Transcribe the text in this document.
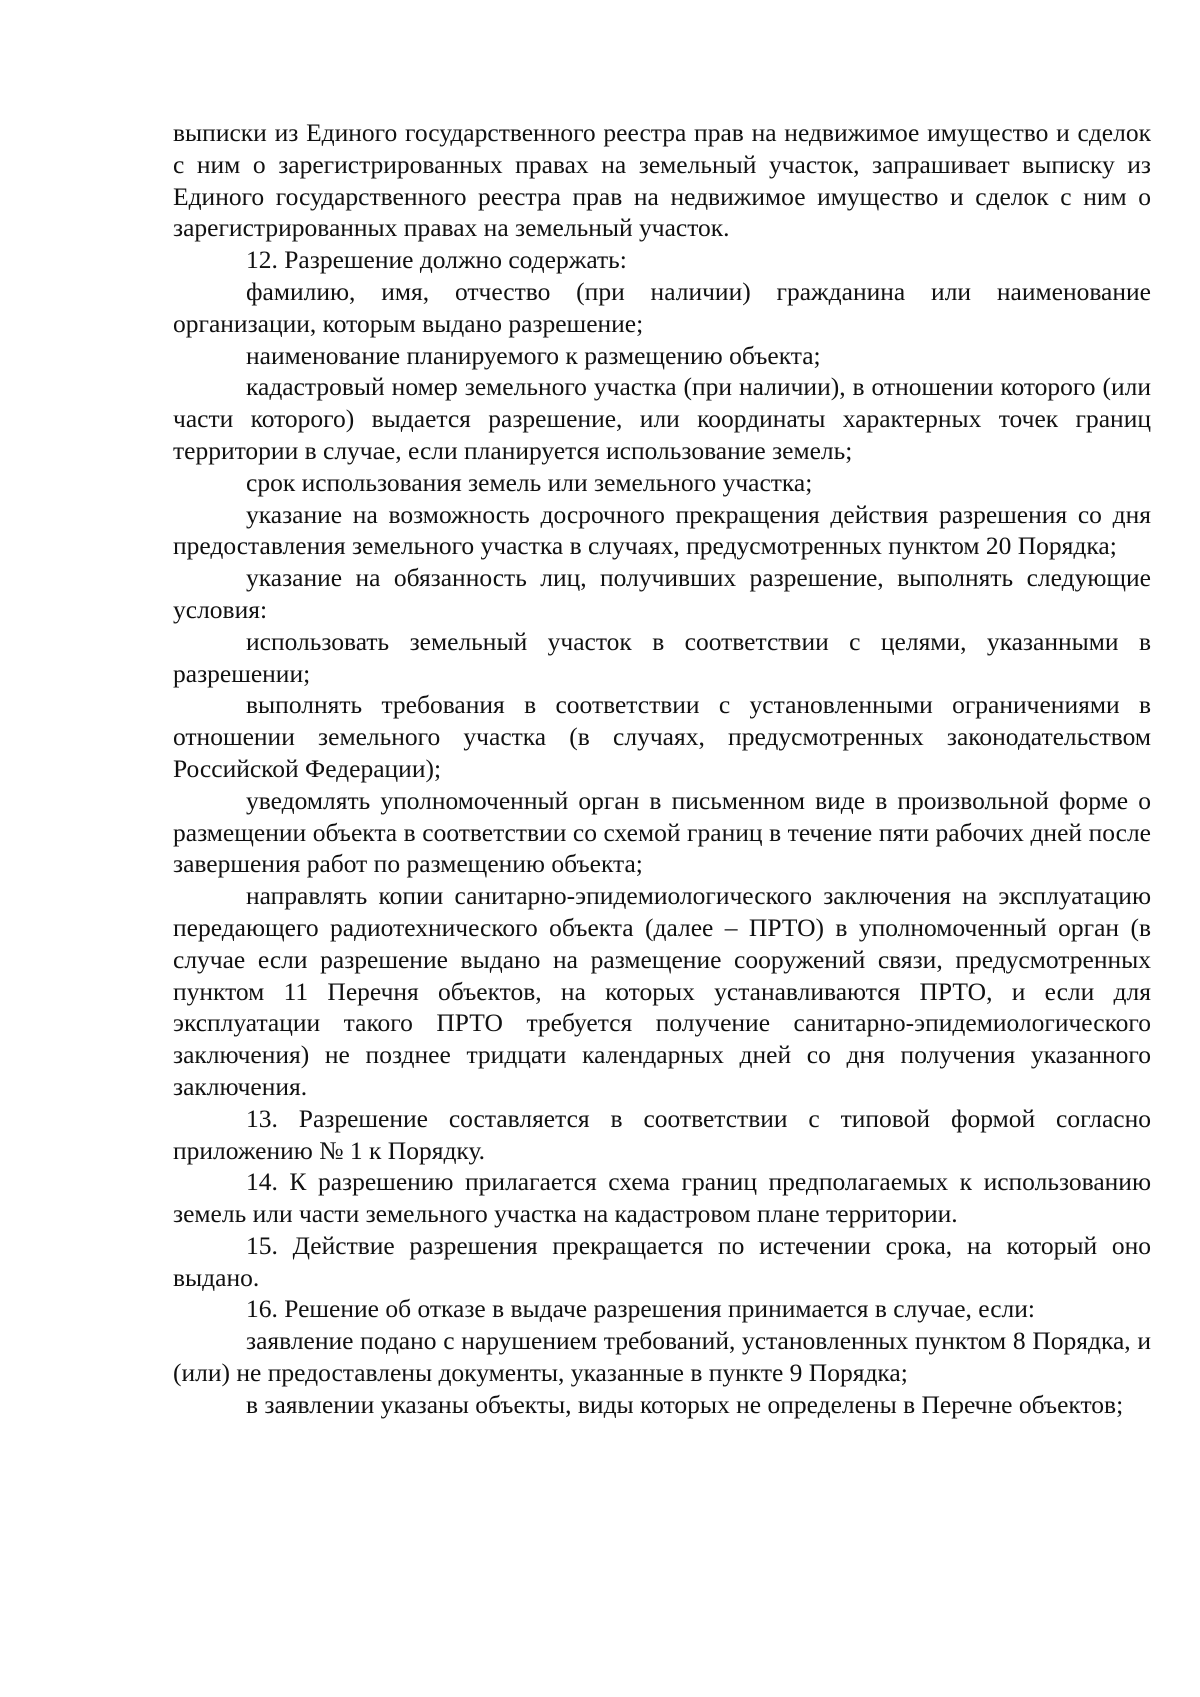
выписки из Единого государственного реестра прав на недвижимое имущество и сделок с ним о зарегистрированных правах на земельный участок, запрашивает выписку из Единого государственного реестра прав на недвижимое имущество и сделок с ним о зарегистрированных правах на земельный участок.

12. Разрешение должно содержать:

фамилию, имя, отчество (при наличии) гражданина или наименование организации, которым выдано разрешение;

наименование планируемого к размещению объекта;

кадастровый номер земельного участка (при наличии), в отношении которого (или части которого) выдается разрешение, или координаты характерных точек границ территории в случае, если планируется использование земель;

срок использования земель или земельного участка;

указание на возможность досрочного прекращения действия разрешения со дня предоставления земельного участка в случаях, предусмотренных пунктом 20 Порядка;

указание на обязанность лиц, получивших разрешение, выполнять следующие условия:

использовать земельный участок в соответствии с целями, указанными в разрешении;

выполнять требования в соответствии с установленными ограничениями в отношении земельного участка (в случаях, предусмотренных законодательством Российской Федерации);

уведомлять уполномоченный орган в письменном виде в произвольной форме о размещении объекта в соответствии со схемой границ в течение пяти рабочих дней после завершения работ по размещению объекта;

направлять копии санитарно-эпидемиологического заключения на эксплуатацию передающего радиотехнического объекта (далее – ПРТО) в уполномоченный орган (в случае если разрешение выдано на размещение сооружений связи, предусмотренных пунктом 11 Перечня объектов, на которых устанавливаются ПРТО, и если для эксплуатации такого ПРТО требуется получение санитарно-эпидемиологического заключения) не позднее тридцати календарных дней со дня получения указанного заключения.

13. Разрешение составляется в соответствии с типовой формой согласно приложению № 1 к Порядку.

14. К разрешению прилагается схема границ предполагаемых к использованию земель или части земельного участка на кадастровом плане территории.

15. Действие разрешения прекращается по истечении срока, на который оно выдано.

16. Решение об отказе в выдаче разрешения принимается в случае, если:

заявление подано с нарушением требований, установленных пунктом 8 Порядка, и (или) не предоставлены документы, указанные в пункте 9 Порядка;

в заявлении указаны объекты, виды которых не определены в Перечне объектов;
